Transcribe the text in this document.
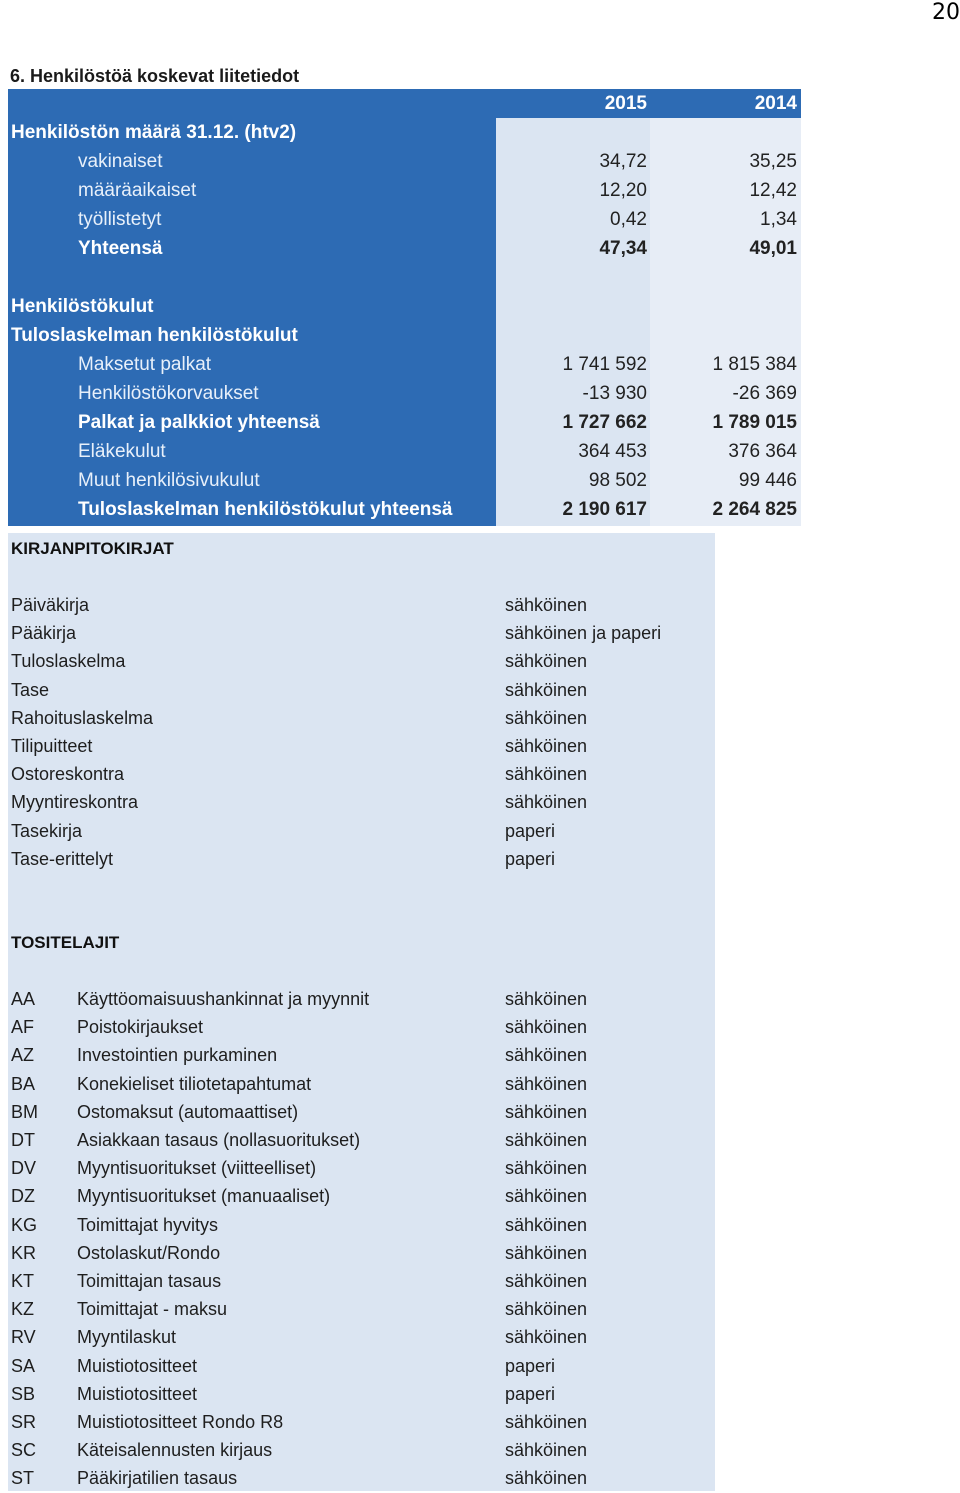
20
6. Henkilöstöä koskevat liitetiedot
2015	2014
Henkilöstön määrä 31.12. (htv2)
vakinaiset	34,72	35,25
määräaikaiset	12,20	12,42
työllistetyt	0,42	1,34
Yhteensä	47,34	49,01
Henkilöstökulut
Tuloslaskelman henkilöstökulut
Maksetut palkat	1 741 592	1 815 384
Henkilöstökorvaukset	-13 930	-26 369
Palkat ja palkkiot yhteensä	1 727 662	1 789 015
Eläkekulut	364 453	376 364
Muut henkilösivukulut	98 502	99 446
Tuloslaskelman henkilöstökulut yhteensä	2 190 617	2 264 825
KIRJANPITOKIRJAT
Päiväkirja	sähköinen
Pääkirja	sähköinen ja paperi
Tuloslaskelma	sähköinen
Tase	sähköinen
Rahoituslaskelma	sähköinen
Tilipuitteet	sähköinen
Ostoreskontra	sähköinen
Myyntireskontra	sähköinen
Tasekirja	paperi
Tase-erittelyt	paperi
TOSITELAJIT
AA Käyttöomaisuushankinnat ja myynnit	sähköinen
AF Poistokirjaukset	sähköinen
AZ Investointien purkaminen	sähköinen
BA Konekieliset tiliotetapahtumat	sähköinen
BM Ostomaksut (automaattiset)	sähköinen
DT Asiakkaan tasaus (nollasuoritukset)	sähköinen
DV Myyntisuoritukset (viitteelliset)	sähköinen
DZ Myyntisuoritukset (manuaaliset)	sähköinen
KG Toimittajat hyvitys	sähköinen
KR Ostolaskut/Rondo	sähköinen
KT Toimittajan tasaus	sähköinen
KZ Toimittajat - maksu	sähköinen
RV Myyntilaskut	sähköinen
SA Muistiotositteet	paperi
SB Muistiotositteet	paperi
SR Muistiotositteet Rondo R8	sähköinen
SC Käteisalennusten kirjaus	sähköinen
ST Pääkirjatilien tasaus	sähköinen
